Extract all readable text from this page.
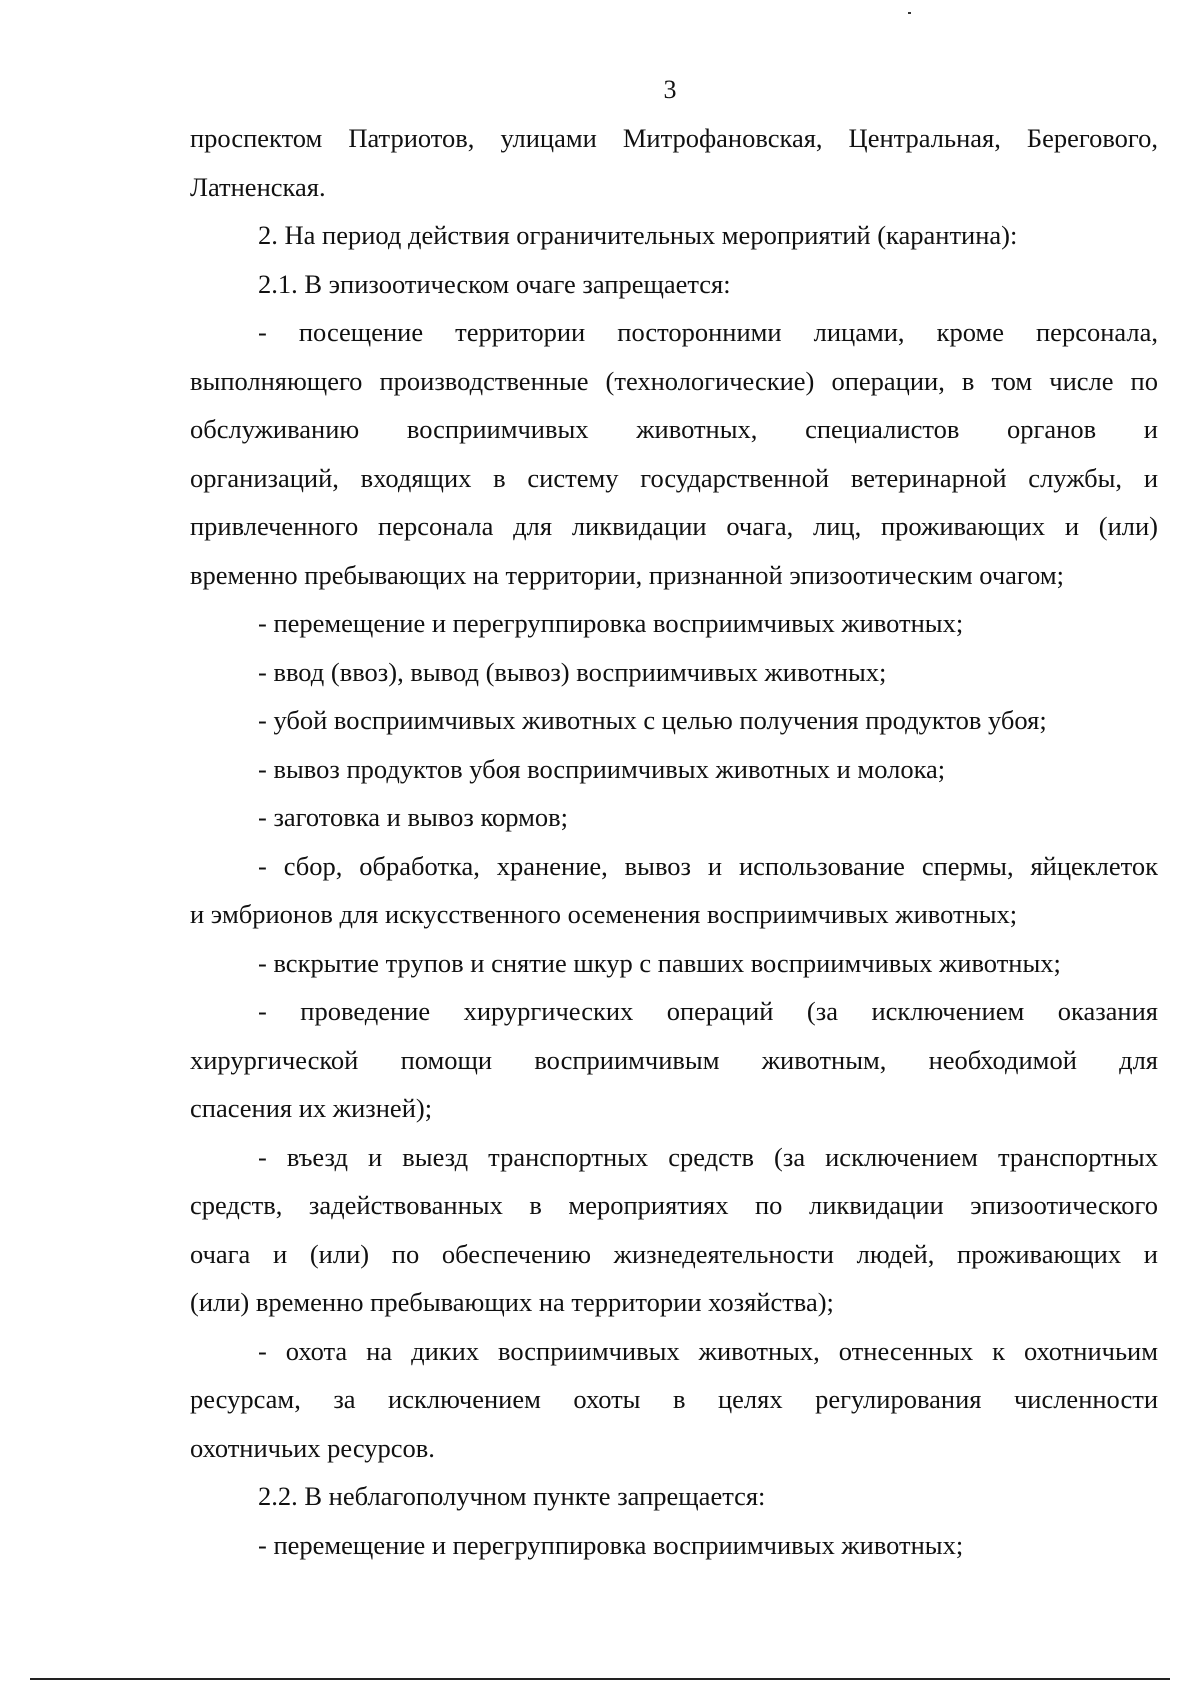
3
проспектом Патриотов, улицами Митрофановская, Центральная, Берегового,
Латненская.
2. На период действия ограничительных мероприятий (карантина):
2.1. В эпизоотическом очаге запрещается:
- посещение территории посторонними лицами, кроме персонала,
выполняющего производственные (технологические) операции, в том числе по
обслуживанию восприимчивых животных, специалистов органов и
организаций, входящих в систему государственной ветеринарной службы, и
привлеченного персонала для ликвидации очага, лиц, проживающих и (или)
временно пребывающих на территории, признанной эпизоотическим очагом;
- перемещение и перегруппировка восприимчивых животных;
- ввод (ввоз), вывод (вывоз) восприимчивых животных;
- убой восприимчивых животных с целью получения продуктов убоя;
- вывоз продуктов убоя восприимчивых животных и молока;
- заготовка и вывоз кормов;
- сбор, обработка, хранение, вывоз и использование спермы, яйцеклеток
и эмбрионов для искусственного осеменения восприимчивых животных;
- вскрытие трупов и снятие шкур с павших восприимчивых животных;
- проведение хирургических операций (за исключением оказания
хирургической помощи восприимчивым животным, необходимой для
спасения их жизней);
- въезд и выезд транспортных средств (за исключением транспортных
средств, задействованных в мероприятиях по ликвидации эпизоотического
очага и (или) по обеспечению жизнедеятельности людей, проживающих и
(или) временно пребывающих на территории хозяйства);
- охота на диких восприимчивых животных, отнесенных к охотничьим
ресурсам, за исключением охоты в целях регулирования численности
охотничьих ресурсов.
2.2. В неблагополучном пункте запрещается:
- перемещение и перегруппировка восприимчивых животных;
